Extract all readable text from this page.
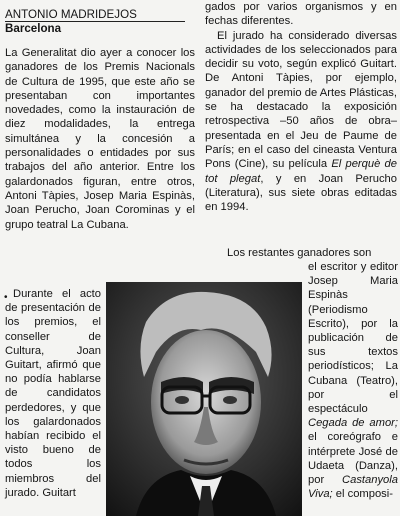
ANTONIO MADRIDEJOS
Barcelona

La Generalitat dio ayer a conocer los ganadores de los Premis Nacionals de Cultura de 1995, que este año se presentaban con importantes novedades, como la instauración de diez modalidades, la entrega simultánea y la concesión a personalidades o entidades por sus trabajos del año anterior. Entre los galardonados figuran, entre otros, Antoni Tàpies, Josep Maria Espinàs, Joan Perucho, Joan Corominas y el grupo teatral La Cubana.

• Durante el acto de presentación de los premios, el conseller de Cultura, Joan Guitart, afirmó que no podía hablarse de candidatos perdedores, y que los galardonados habían recibido el visto bueno de todos los miembros del jurado. Guitart

gados por varios organismos y en fechas diferentes.

El jurado ha considerado diversas actividades de los seleccionados para decidir su voto, según explicó Guitart. De Antoni Tàpies, por ejemplo, ganador del premio de Artes Plásticas, se ha destacado la exposición retrospectiva –50 años de obra– presentada en el Jeu de Paume de París; en el caso del cineasta Ventura Pons (Cine), su película El perquè de tot plegat, y en Joan Perucho (Literatura), sus siete obras editadas en 1994.

Los restantes ganadores son

el escritor y editor Josep Maria Espinàs (Periodismo Escrito), por la publicación de sus textos periodísticos; La Cubana (Teatro), por el espectáculo Cegada de amor; el coreógrafo e intérprete José de Udaeta (Danza), por Castanyola Viva; el composi-
